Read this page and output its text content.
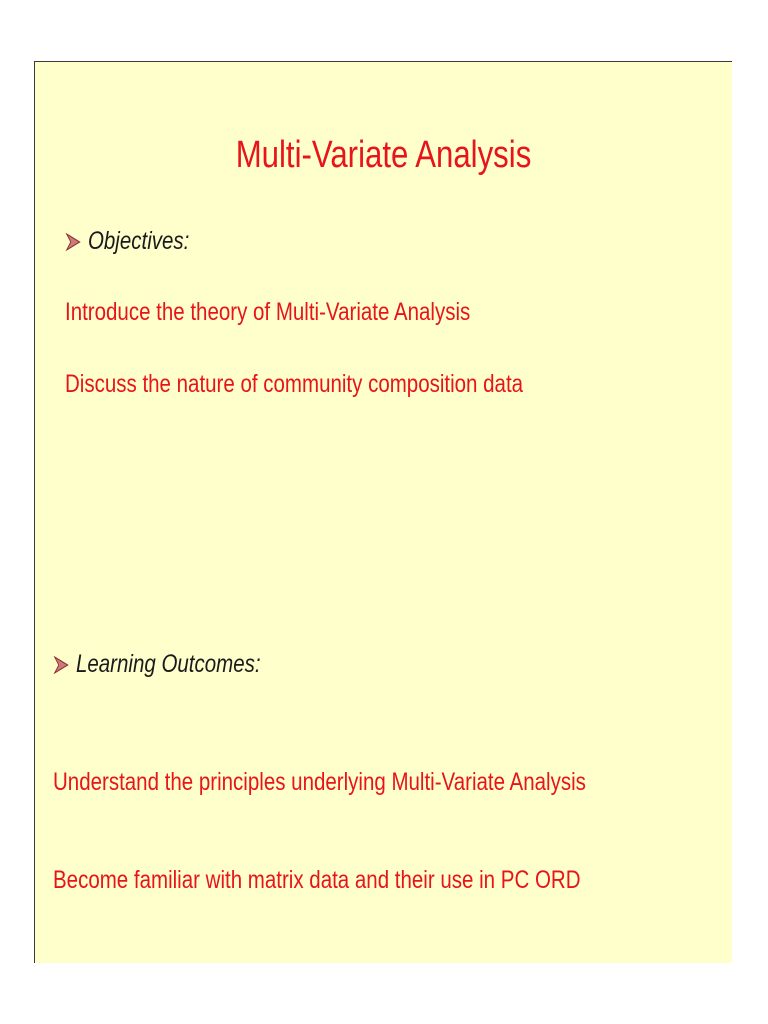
Multi-Variate Analysis
Objectives:
Introduce the theory of Multi-Variate Analysis
Discuss the nature of community composition data
Learning Outcomes:
Understand the principles underlying Multi-Variate Analysis
Become familiar with matrix data and their use in PC ORD
